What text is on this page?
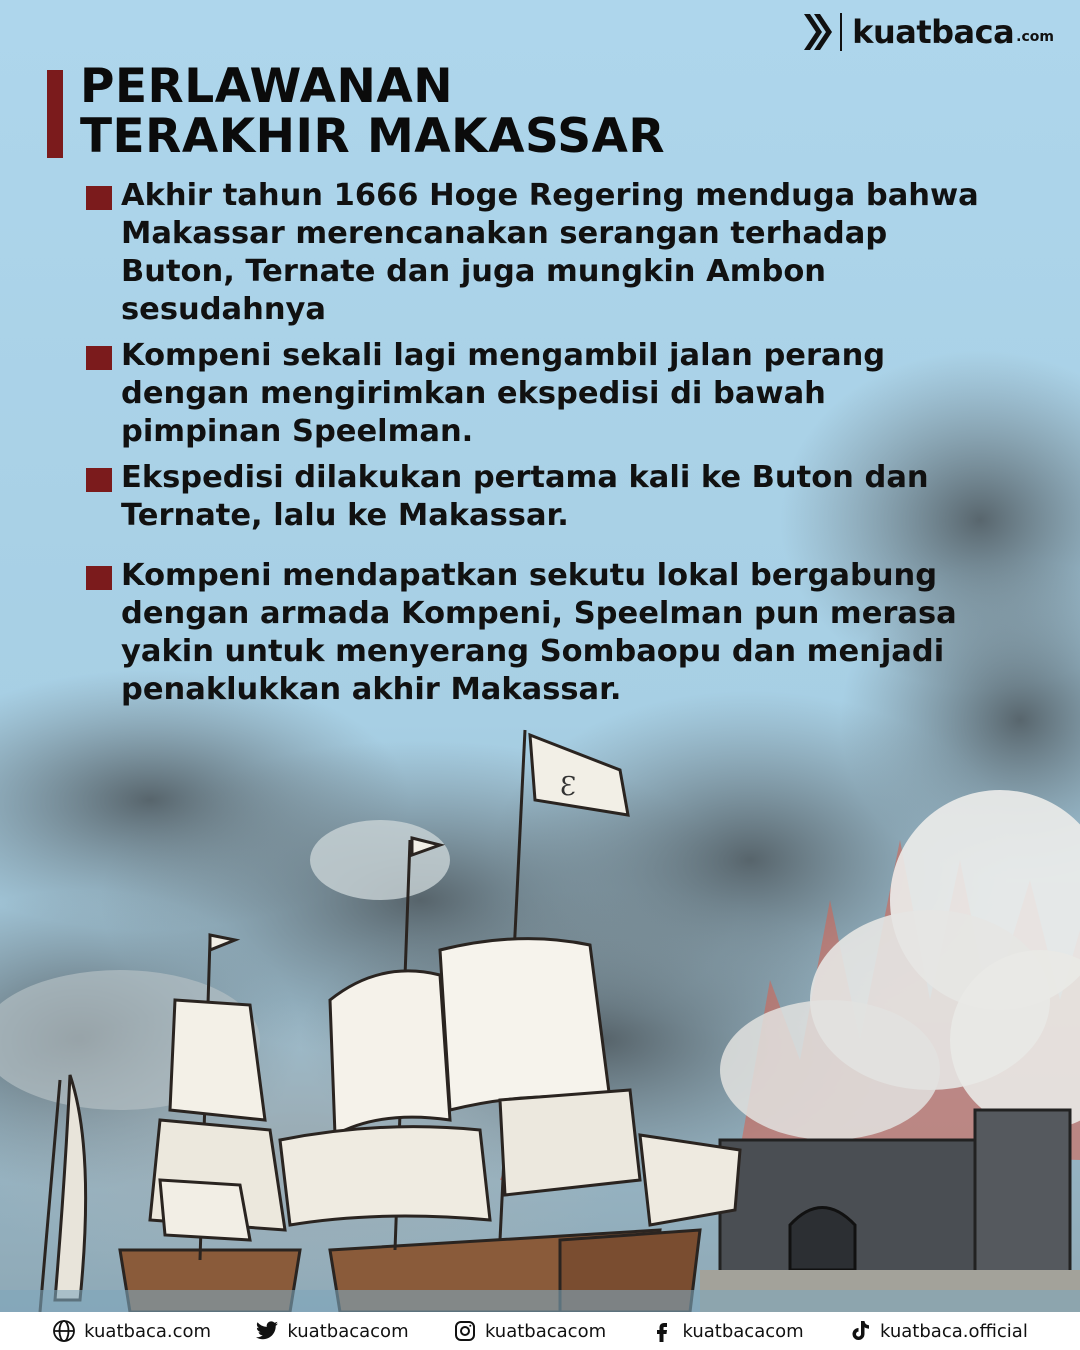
Ɛ
kuatbaca .com
PERLAWANAN
TERAKHIR MAKASSAR
Akhir tahun 1666 Hoge Regering menduga bahwa Makassar merencanakan serangan terhadap Buton, Ternate dan juga mungkin Ambon sesudahnya
Kompeni sekali lagi mengambil jalan perang dengan mengirimkan ekspedisi di bawah pimpinan Speelman.
Ekspedisi dilakukan pertama kali ke Buton dan Ternate, lalu ke Makassar.
Kompeni mendapatkan sekutu lokal bergabung dengan armada Kompeni, Speelman pun merasa yakin untuk menyerang Sombaopu dan menjadi penaklukkan akhir Makassar.
kuatbaca.com	kuatbacacom	kuatbacacom	kuatbacacom	kuatbaca.official
